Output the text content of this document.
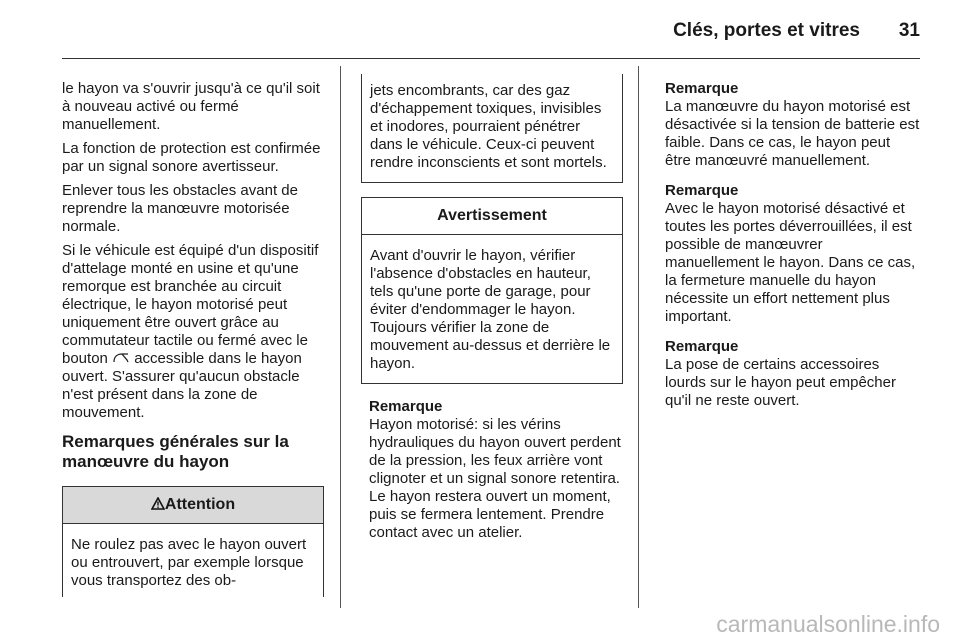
Clés, portes et vitres 31

le hayon va s'ouvrir jusqu'à ce qu'il soit à nouveau activé ou fermé manuellement.

La fonction de protection est confirmée par un signal sonore avertisseur.

Enlever tous les obstacles avant de reprendre la manœuvre motorisée normale.

Si le véhicule est équipé d'un dispositif d'attelage monté en usine et qu'une remorque est branchée au circuit électrique, le hayon motorisé peut uniquement être ouvert grâce au commutateur tactile ou fermé avec le bouton  accessible dans le hayon ouvert. S'assurer qu'aucun obstacle n'est présent dans la zone de mouvement.

Remarques générales sur la manœuvre du hayon
Attention
Ne roulez pas avec le hayon ouvert ou entrouvert, par exemple lorsque vous transportez des ob-
jets encombrants, car des gaz d'échappement toxiques, invisibles et inodores, pourraient pénétrer dans le véhicule. Ceux-ci peuvent rendre inconscients et sont mortels.
Avertissement
Avant d'ouvrir le hayon, vérifier l'absence d'obstacles en hauteur, tels qu'une porte de garage, pour éviter d'endommager le hayon. Toujours vérifier la zone de mouvement au-dessus et derrière le hayon.
Remarque
Hayon motorisé: si les vérins hydrauliques du hayon ouvert perdent de la pression, les feux arrière vont clignoter et un signal sonore retentira. Le hayon restera ouvert un moment, puis se fermera lentement. Prendre contact avec un atelier.
Remarque
La manœuvre du hayon motorisé est désactivée si la tension de batterie est faible. Dans ce cas, le hayon peut être manœuvré manuellement.
Remarque
Avec le hayon motorisé désactivé et toutes les portes déverrouillées, il est possible de manœuvrer manuellement le hayon. Dans ce cas, la fermeture manuelle du hayon nécessite un effort nettement plus important.
Remarque
La pose de certains accessoires lourds sur le hayon peut empêcher qu'il ne reste ouvert.
carmanualsonline.info
